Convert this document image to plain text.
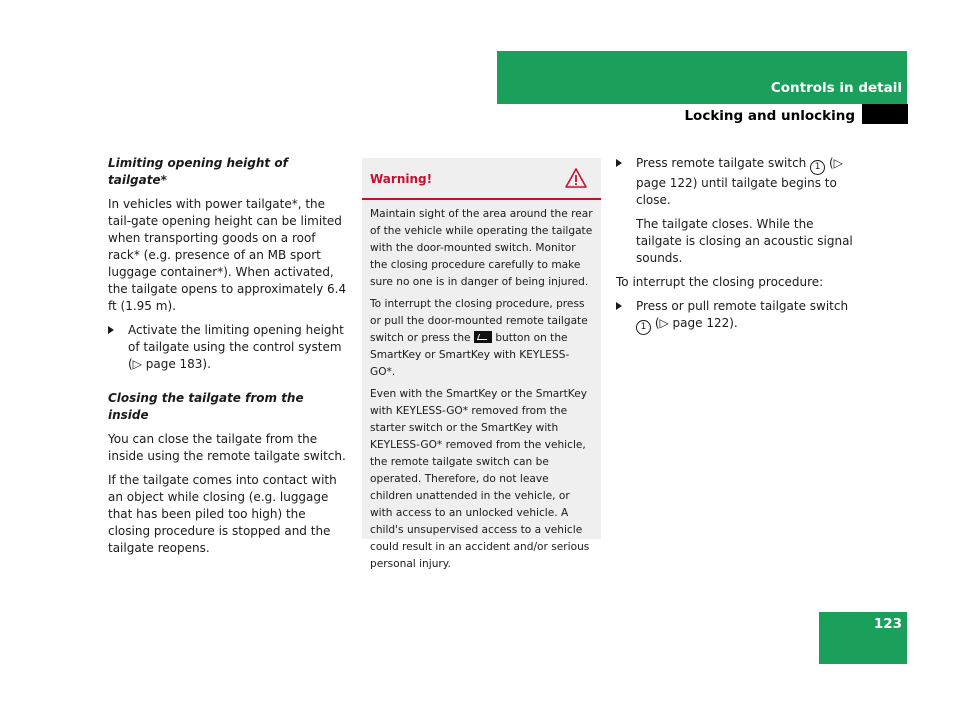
Controls in detail
Locking and unlocking
Limiting opening height of tailgate*

In vehicles with power tailgate*, the tail-gate opening height can be limited when transporting goods on a roof rack* (e.g. presence of an MB sport luggage container*). When activated, the tailgate opens to approximately 6.4 ft (1.95 m).

Activate the limiting opening height of tailgate using the control system (▷ page 183).
Closing the tailgate from the inside

You can close the tailgate from the inside using the remote tailgate switch.

If the tailgate comes into contact with an object while closing (e.g. luggage that has been piled too high) the closing procedure is stopped and the tailgate reopens.

Warning!

Maintain sight of the area around the rear of the vehicle while operating the tailgate with the door-mounted switch. Monitor the closing procedure carefully to make sure no one is in danger of being injured.

To interrupt the closing procedure, press or pull the door-mounted remote tailgate switch or press the button on the SmartKey or SmartKey with KEYLESS-GO*.

Even with the SmartKey or the SmartKey with KEYLESS-GO* removed from the starter switch or the SmartKey with KEYLESS-GO* removed from the vehicle, the remote tailgate switch can be operated. Therefore, do not leave children unattended in the vehicle, or with access to an unlocked vehicle. A child's unsupervised access to a vehicle could result in an accident and/or serious personal injury.

Press remote tailgate switch 1 (▷ page 122) until tailgate begins to close.

The tailgate closes. While the tailgate is closing an acoustic signal sounds.

To interrupt the closing procedure:

Press or pull remote tailgate switch 1 (▷ page 122).
123
